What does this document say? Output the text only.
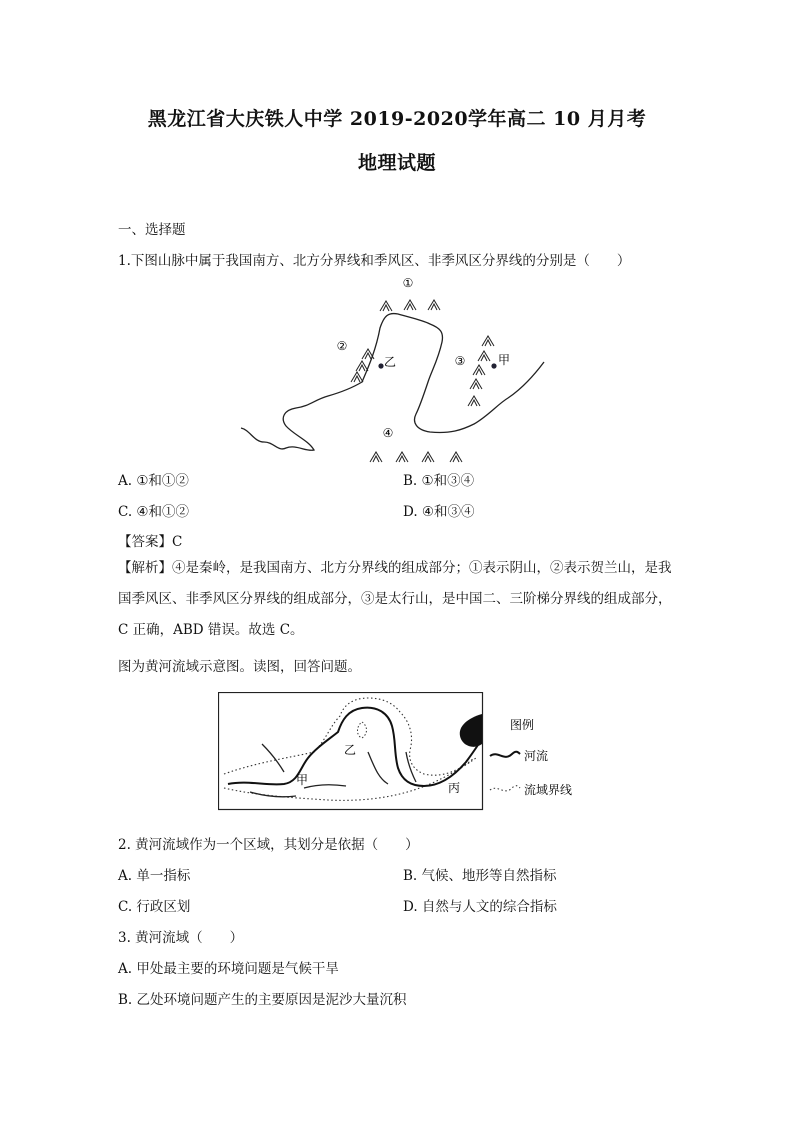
黑龙江省大庆铁人中学 2019-2020学年高二 10 月月考
地理试题
一、选择题
1.下图山脉中属于我国南方、北方分界线和季风区、非季风区分界线的分别是（　　）
①
②
③
④
乙	甲
A. ①和①②	B. ①和③④
C. ④和①②	D. ④和③④
【答案】C
【解析】④是秦岭，是我国南方、北方分界线的组成部分；①表示阴山，②表示贺兰山，是我国季风区、非季风区分界线的组成部分，③是太行山，是中国二、三阶梯分界线的组成部分，C 正确，ABD 错误。故选 C。
图为黄河流域示意图。读图，回答问题。
甲
乙
丙
图例
河流
流域界线
2. 黄河流域作为一个区域，其划分是依据（　　）
A. 单一指标	B. 气候、地形等自然指标
C. 行政区划	D. 自然与人文的综合指标
3. 黄河流域（　　）
A. 甲处最主要的环境问题是气候干旱
B. 乙处环境问题产生的主要原因是泥沙大量沉积
